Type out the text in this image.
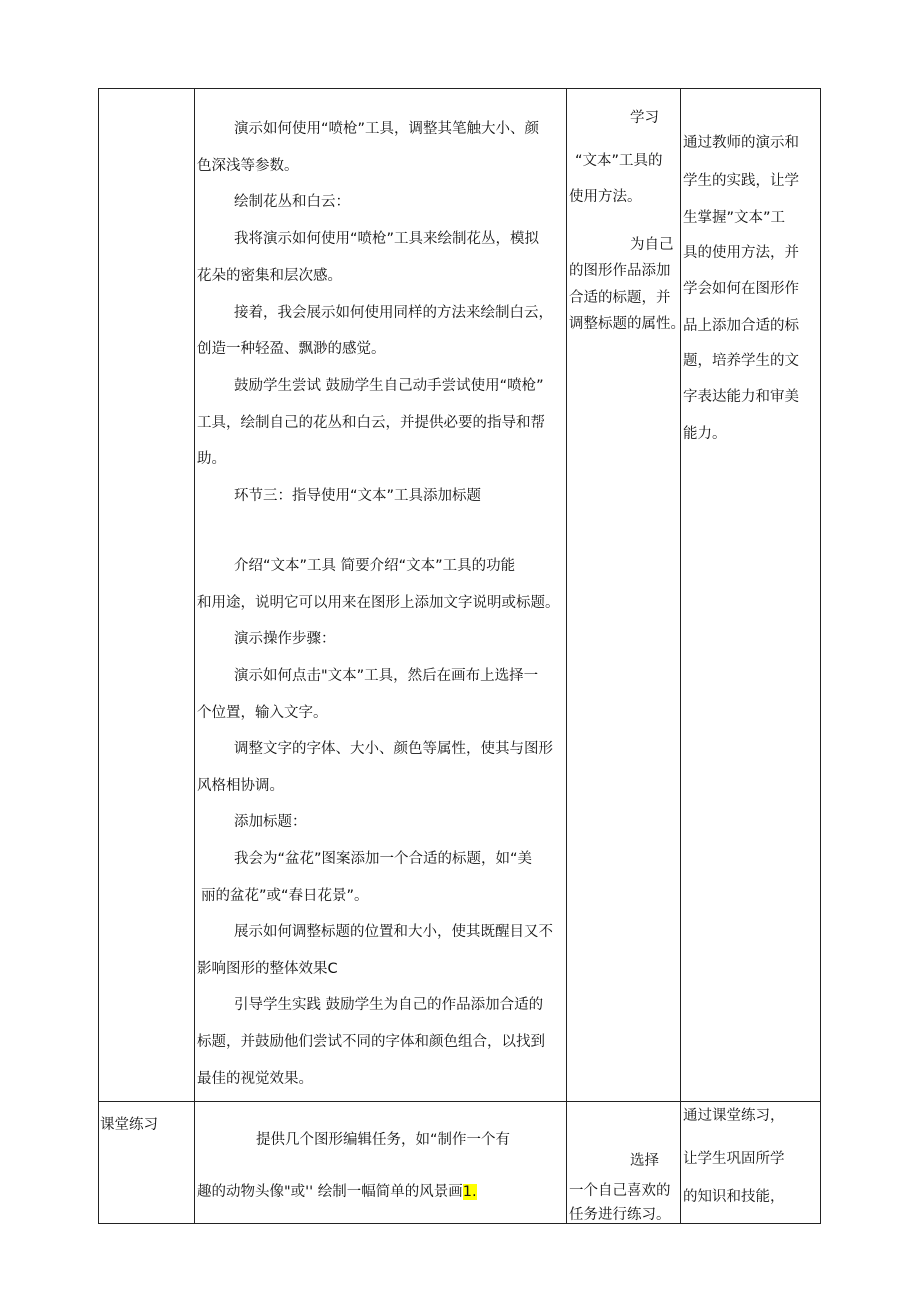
演示如何使用“喷枪”工具，调整其笔触大小、颜
色深浅等参数。
绘制花丛和白云：
我将演示如何使用“喷枪”工具来绘制花丛，模拟
花朵的密集和层次感。
接着，我会展示如何使用同样的方法来绘制白云，
创造一种轻盈、飘渺的感觉。
鼓励学生尝试 鼓励学生自己动手尝试使用“喷枪”
工具，绘制自己的花丛和白云，并提供必要的指导和帮
助。
环节三：指导使用“文本”工具添加标题
介绍“文本”工具 简要介绍“文本”工具的功能
和用途，说明它可以用来在图形上添加文字说明或标题。
演示操作步骤：
演示如何点击"文本”工具，然后在画布上选择一
个位置，输入文字。
调整文字的字体、大小、颜色等属性，使其与图形
风格相协调。
添加标题：
我会为“盆花”图案添加一个合适的标题，如“美
丽的盆花”或“春日花景”。
展示如何调整标题的位置和大小，使其既醒目又不
影响图形的整体效果C
引导学生实践 鼓励学生为自己的作品添加合适的
标题，并鼓励他们尝试不同的字体和颜色组合，以找到
最佳的视觉效果。
学习
“文本”工具的
使用方法。
为自己
的图形作品添加
合适的标题，并
调整标题的属性。
通过教师的演示和
学生的实践，让学
生掌握”文本”工
具的使用方法，并
学会如何在图形作
品上添加合适的标
题，培养学生的文
字表达能力和审美
能力。
课堂练习
提供几个图形编辑任务，如“制作一个有
趣的动物头像"或'' 绘制一幅简单的风景画1.
选择
一个自己喜欢的
任务进行练习。
通过课堂练习，
让学生巩固所学
的知识和技能，
